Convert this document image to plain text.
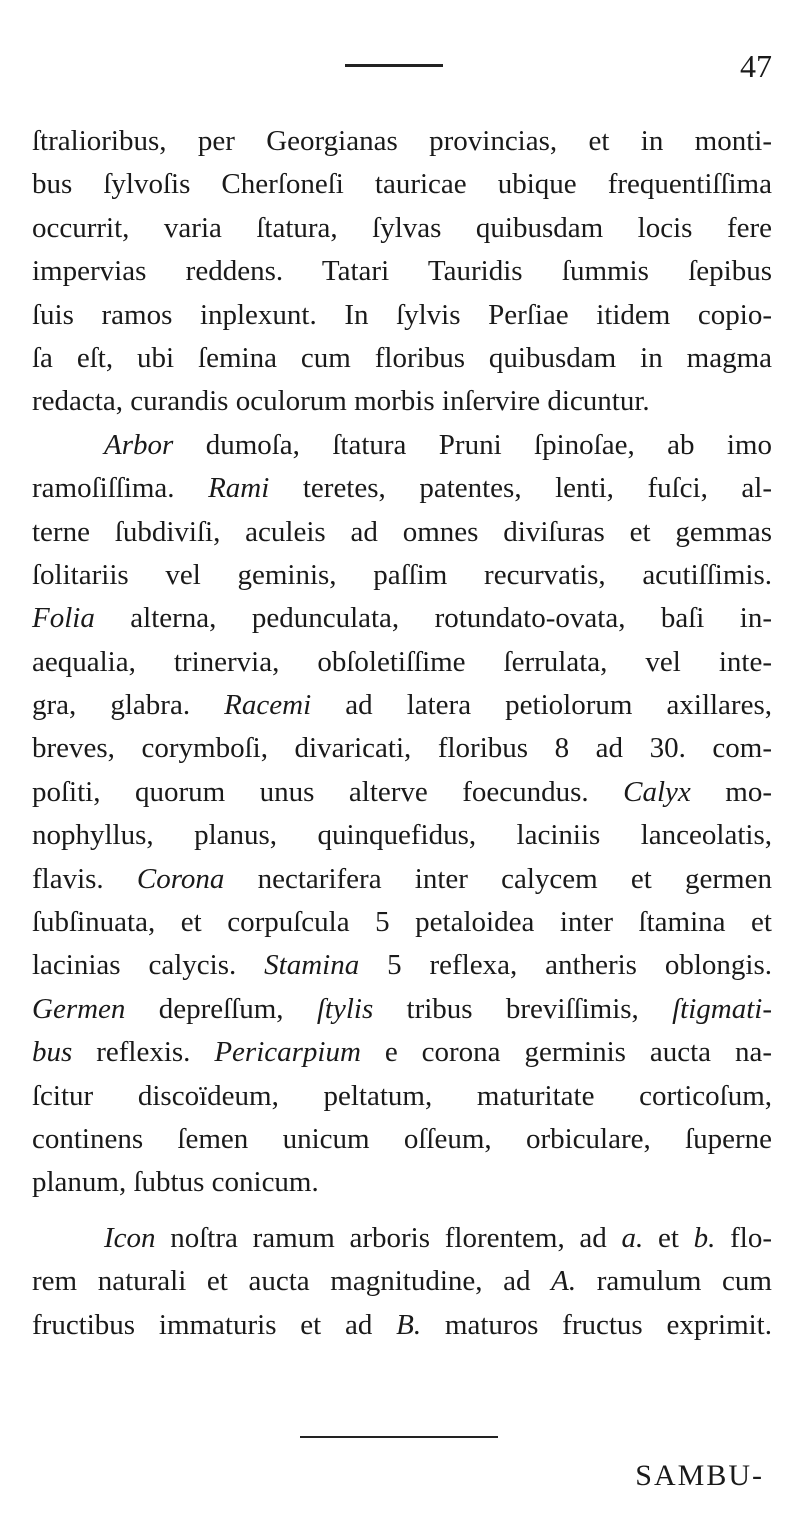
47
ſtralioribus, per Georgianas provincias, et in monti-
bus ſylvoſis Cherſoneſi tauricae ubique frequentiſſima
occurrit, varia ſtatura, ſylvas quibusdam locis fere
impervias reddens. Tatari Tauridis ſummis ſepibus
ſuis ramos inplexunt. In ſylvis Perſiae itidem copio-
ſa eſt, ubi ſemina cum floribus quibusdam in magma
redacta, curandis oculorum morbis inſervire dicuntur.
Arbor dumoſa, ſtatura Pruni ſpinoſae, ab imo
ramoſiſſima. Rami teretes, patentes, lenti, fuſci, al-
terne ſubdiviſi, aculeis ad omnes diviſuras et gemmas
ſolitariis vel geminis, paſſim recurvatis, acutiſſimis.
Folia alterna, pedunculata, rotundato-ovata, baſi in-
aequalia, trinervia, obſoletiſſime ſerrulata, vel inte-
gra, glabra. Racemi ad latera petiolorum axillares,
breves, corymboſi, divaricati, floribus 8 ad 30. com-
poſiti, quorum unus alterve foecundus. Calyx mo-
nophyllus, planus, quinquefidus, laciniis lanceolatis,
flavis. Corona nectarifera inter calycem et germen
ſubſinuata, et corpuſcula 5 petaloidea inter ſtamina et
lacinias calycis. Stamina 5 reflexa, antheris oblongis.
Germen depreſſum, ſtylis tribus breviſſimis, ſtigmati-
bus reflexis. Pericarpium e corona germinis aucta na-
ſcitur discoïdeum, peltatum, maturitate corticoſum,
continens ſemen unicum oſſeum, orbiculare, ſuperne
planum, ſubtus conicum.
Icon noſtra ramum arboris florentem, ad a. et b. flo-
rem naturali et aucta magnitudine, ad A. ramulum cum
fructibus immaturis et ad B. maturos fructus exprimit.
SAMBU-
